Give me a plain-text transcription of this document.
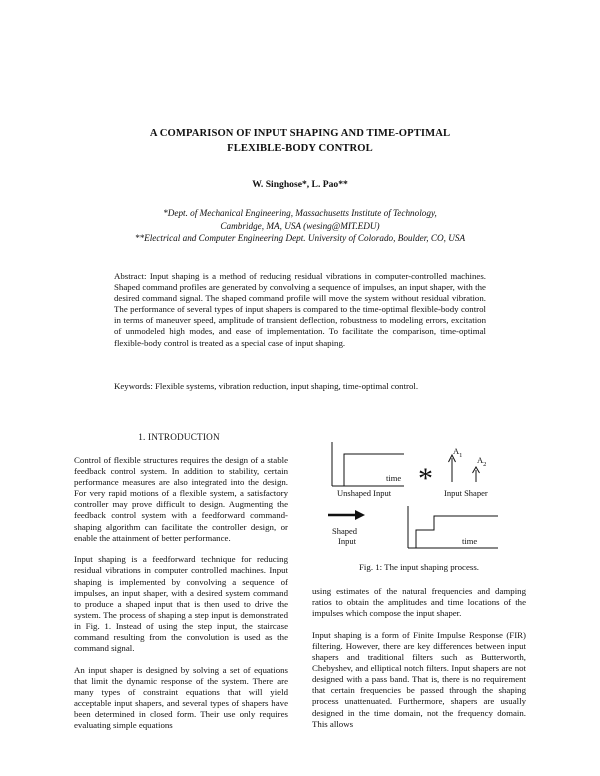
A COMPARISON OF INPUT SHAPING AND TIME-OPTIMAL
FLEXIBLE-BODY CONTROL
W. Singhose*, L. Pao**
*Dept. of Mechanical Engineering, Massachusetts Institute of Technology,
Cambridge, MA, USA (wesing@MIT.EDU)
**Electrical and Computer Engineering Dept. University of Colorado, Boulder, CO, USA
Abstract: Input shaping is a method of reducing residual vibrations in computer-controlled machines. Shaped command profiles are generated by convolving a sequence of impulses, an input shaper, with the desired command signal. The shaped command profile will move the system without residual vibration. The performance of several types of input shapers is compared to the time-optimal flexible-body control in terms of maneuver speed, amplitude of transient deflection, robustness to modeling errors, excitation of unmodeled high modes, and ease of implementation. To facilitate the comparison, time-optimal flexible-body control is treated as a special case of input shaping.
Keywords: Flexible systems, vibration reduction, input shaping, time-optimal control.
1. INTRODUCTION

Control of flexible structures requires the design of a stable feedback control system. In addition to stability, certain performance measures are also integrated into the design. For very rapid motions of a flexible system, a satisfactory controller may prove difficult to design. Augmenting the feedback control system with a feedforward command-shaping algorithm can facilitate the controller design, or enable the attainment of better performance.

Input shaping is a feedforward technique for reducing residual vibrations in computer controlled machines. Input shaping is implemented by convolving a sequence of impulses, an input shaper, with a desired system command to produce a shaped input that is then used to drive the system. The process of shaping a step input is demonstrated in Fig. 1. Instead of using the step input, the staircase command resulting from the convolution is used as the command signal.

An input shaper is designed by solving a set of equations that limit the dynamic response of the system. There are many types of constraint equations that will yield acceptable input shapers, and several types of shapers have been determined in closed form. Their use only requires evaluating simple equations

time
Unshaped Input *
$A_1$ $A_2$
Input Shaper
Shaped
Input	time
Fig. 1: The input shaping process.

using estimates of the natural frequencies and damping ratios to obtain the amplitudes and time locations of the impulses which compose the input shaper.

Input shaping is a form of Finite Impulse Response (FIR) filtering. However, there are key differences between input shapers and traditional filters such as Butterworth, Chebyshev, and elliptical notch filters. Input shapers are not designed with a pass band. That is, there is no requirement that certain frequencies be passed through the shaping process unattenuated. Furthermore, shapers are usually designed in the time domain, not the frequency domain. This allows
